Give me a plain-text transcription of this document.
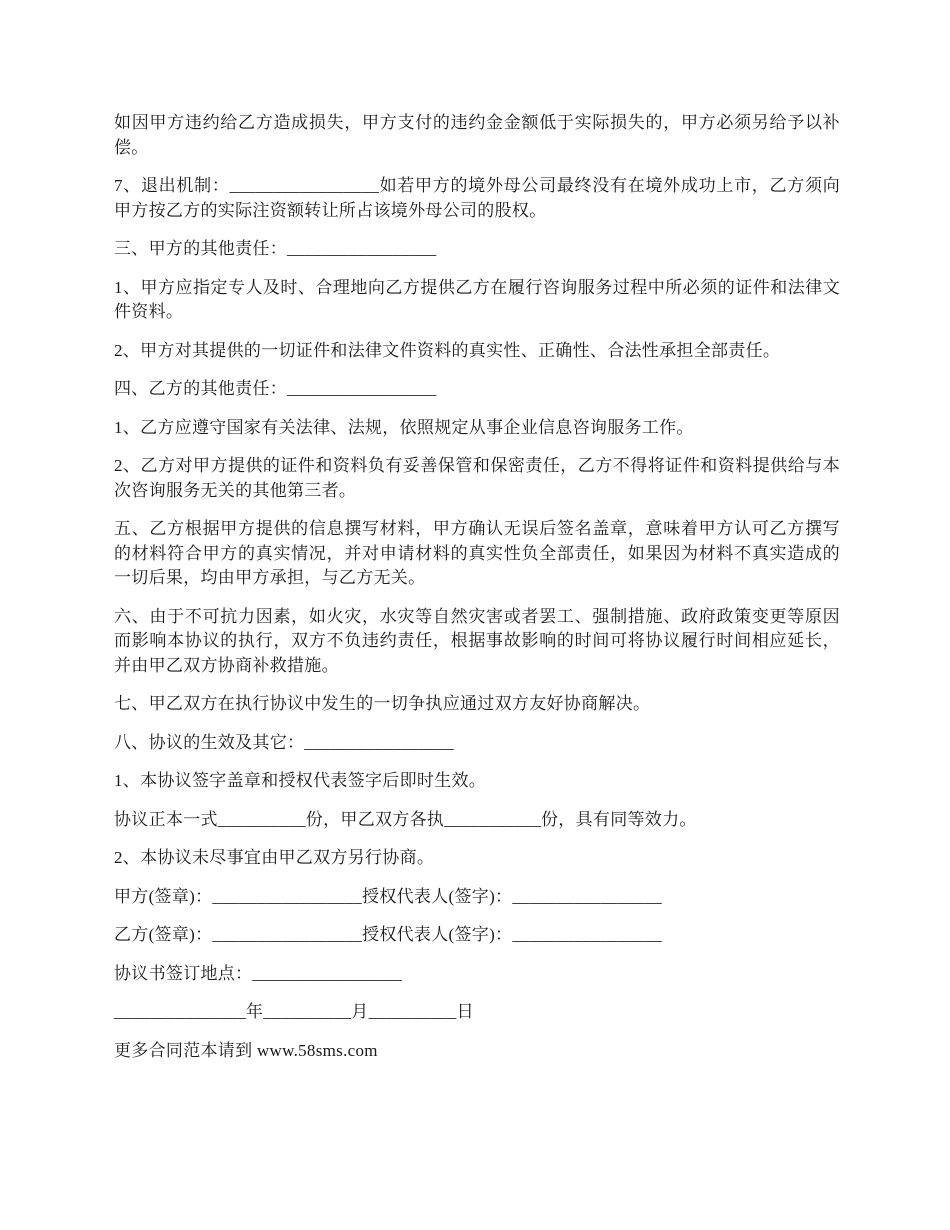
如因甲方违约给乙方造成损失，甲方支付的违约金金额低于实际损失的，甲方必须另给予以补偿。

7、退出机制：_________________如若甲方的境外母公司最终没有在境外成功上市，乙方须向甲方按乙方的实际注资额转让所占该境外母公司的股权。

三、甲方的其他责任：_________________

1、甲方应指定专人及时、合理地向乙方提供乙方在履行咨询服务过程中所必须的证件和法律文件资料。

2、甲方对其提供的一切证件和法律文件资料的真实性、正确性、合法性承担全部责任。

四、乙方的其他责任：_________________

1、乙方应遵守国家有关法律、法规，依照规定从事企业信息咨询服务工作。

2、乙方对甲方提供的证件和资料负有妥善保管和保密责任，乙方不得将证件和资料提供给与本次咨询服务无关的其他第三者。

五、乙方根据甲方提供的信息撰写材料，甲方确认无误后签名盖章，意味着甲方认可乙方撰写的材料符合甲方的真实情况，并对申请材料的真实性负全部责任，如果因为材料不真实造成的一切后果，均由甲方承担，与乙方无关。

六、由于不可抗力因素，如火灾，水灾等自然灾害或者罢工、强制措施、政府政策变更等原因而影响本协议的执行，双方不负违约责任，根据事故影响的时间可将协议履行时间相应延长，并由甲乙双方协商补救措施。

七、甲乙双方在执行协议中发生的一切争执应通过双方友好协商解决。

八、协议的生效及其它：_________________

1、本协议签字盖章和授权代表签字后即时生效。

协议正本一式__________份，甲乙双方各执___________份，具有同等效力。

2、本协议未尽事宜由甲乙双方另行协商。

甲方(签章)：_________________授权代表人(签字)：_________________

乙方(签章)：_________________授权代表人(签字)：_________________

协议书签订地点：_________________

_______________年__________月__________日

更多合同范本请到 www.58sms.com
